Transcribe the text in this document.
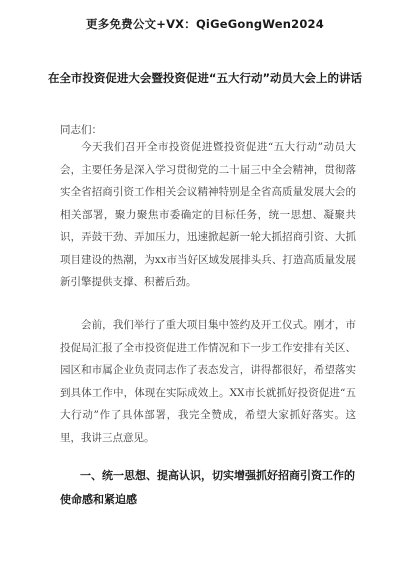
更多免费公文+VX：QiGeGongWen2024
在全市投资促进大会暨投资促进“五大行动”动员大会上的讲话
同志们：

今天我们召开全市投资促进暨投资促进“五大行动”动员大会，主要任务是深入学习贯彻党的二十届三中全会精神，贯彻落实全省招商引资工作相关会议精神特别是全省高质量发展大会的相关部署，聚力聚焦市委确定的目标任务，统一思想、凝聚共识，弄鼓干劲、弄加压力，迅速掀起新一轮大抓招商引资、大抓项目建设的热潮，为xx市当好区域发展排头兵、打造高质量发展新引擎提供支撑、积蓄后劲。

会前，我们举行了重大项目集中签约及开工仪式。刚才，市投促局汇报了全市投资促进工作情况和下一步工作安排有关区、园区和市属企业负责同志作了表态发言，讲得都很好，希望落实到具体工作中，体现在实际成效上。XX市长就抓好投资促进“五大行动”作了具体部署，我完全赞成，希望大家抓好落实。这里，我讲三点意见。

一、统一思想、提高认识，切实增强抓好招商引资工作的使命感和紧迫感
